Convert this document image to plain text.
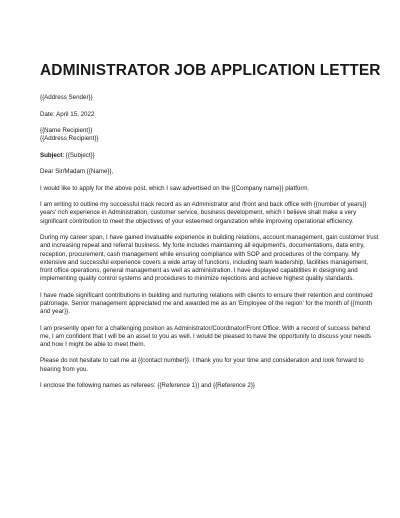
ADMINISTRATOR JOB APPLICATION LETTER

{{Address Sender}}

Date: April 15, 2022

{{Name Recipient}}

{{Address Recipient}}

Subject: {{Subject}}

Dear Sir/Madam {{Name}},

I would like to apply for the above post, which I saw advertised on the {{Company name}} platform.

I am writing to outline my successful track record as an Administrator and /front and back office with {{number of years}} years' rich experience in Administration, customer service, business development, which I believe shall make a very significant contribution to meet the objectives of your esteemed organization while improving operational efficiency.

During my career span, I have gained invaluable experience in building relations, account management, gain customer trust and increasing repeat and referral business. My forte includes maintaining all equipment's, documentations, data entry, reception, procurement, cash management while ensuring compliance with SOP and procedures of the company. My extensive and successful experience covers a wide array of functions, including team leadership, facilities management, front office operations, general management as well as administration. I have displayed capabilities in designing and implementing quality control systems and procedures to minimize rejections and achieve highest quality standards.

I have made significant contributions in building and nurturing relations with clients to ensure their retention and continued patronage. Senior management appreciated me and awarded me as an 'Employee of the region' for the month of {{month and year}}.

I am presently open for a challenging position as Administrator/Coordinator/Front Office. With a record of success behind me, I am confident that I will be an asset to you as well. I would be pleased to have the opportunity to discuss your needs and how I might be able to meet them.

Please do not hesitate to call me at {{contact number}}. I thank you for your time and consideration and look forward to hearing from you.

I enclose the following names as referees: {{Reference 1}} and {{Reference 2}}
